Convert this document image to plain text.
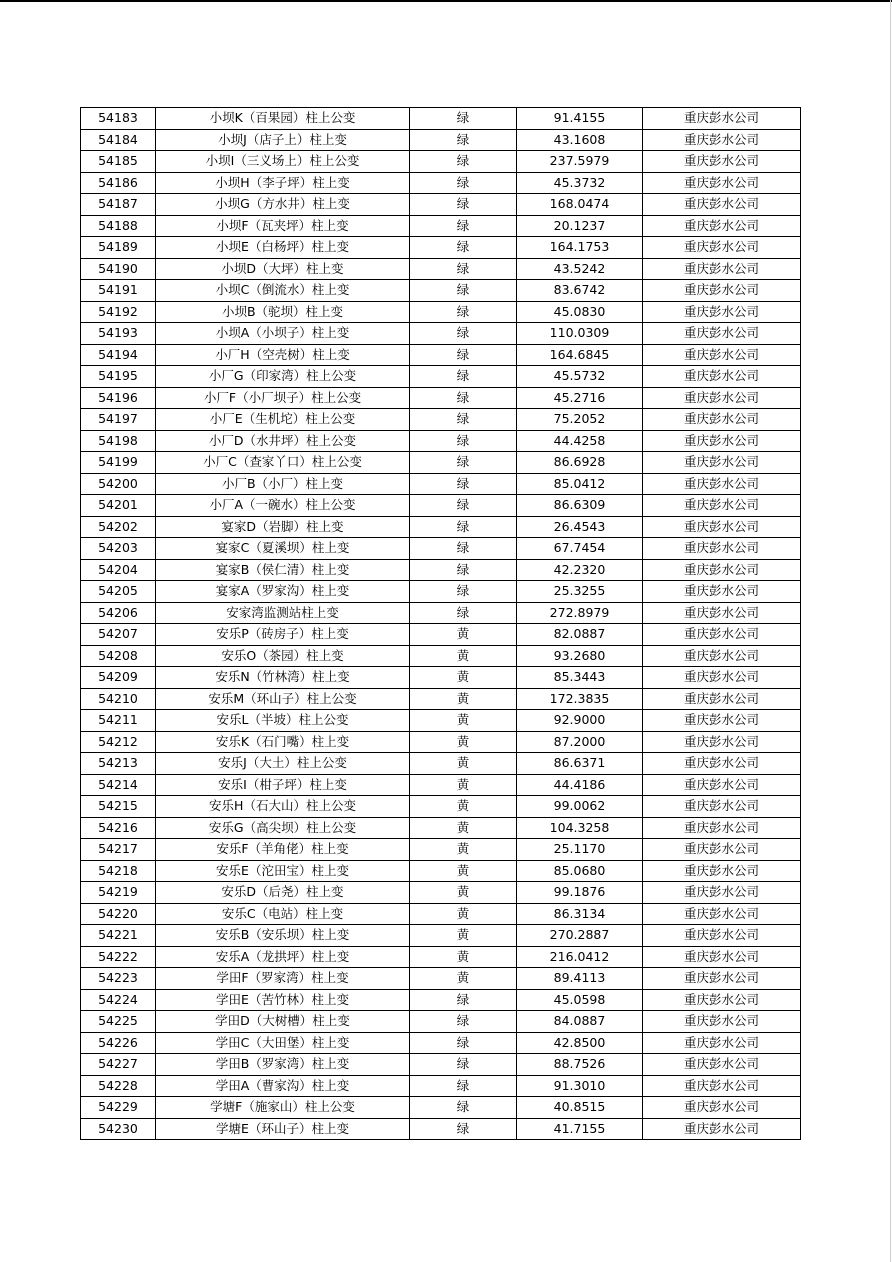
54183	小坝K（百果园）柱上公变	绿	91.4155	重庆彭水公司
54184	小坝J（店子上）柱上变	绿	43.1608	重庆彭水公司
54185	小坝I（三义场上）柱上公变	绿	237.5979	重庆彭水公司
54186	小坝H（李子坪）柱上变	绿	45.3732	重庆彭水公司
54187	小坝G（方水井）柱上变	绿	168.0474	重庆彭水公司
54188	小坝F（瓦夹坪）柱上变	绿	20.1237	重庆彭水公司
54189	小坝E（白杨坪）柱上变	绿	164.1753	重庆彭水公司
54190	小坝D（大坪）柱上变	绿	43.5242	重庆彭水公司
54191	小坝C（倒流水）柱上变	绿	83.6742	重庆彭水公司
54192	小坝B（驼坝）柱上变	绿	45.0830	重庆彭水公司
54193	小坝A（小坝子）柱上变	绿	110.0309	重庆彭水公司
54194	小厂H（空壳树）柱上变	绿	164.6845	重庆彭水公司
54195	小厂G（印家湾）柱上公变	绿	45.5732	重庆彭水公司
54196	小厂F（小厂坝子）柱上公变	绿	45.2716	重庆彭水公司
54197	小厂E（生机坨）柱上公变	绿	75.2052	重庆彭水公司
54198	小厂D（水井坪）柱上公变	绿	44.4258	重庆彭水公司
54199	小厂C（查家丫口）柱上公变	绿	86.6928	重庆彭水公司
54200	小厂B（小厂）柱上变	绿	85.0412	重庆彭水公司
54201	小厂A（一碗水）柱上公变	绿	86.6309	重庆彭水公司
54202	宴家D（岩脚）柱上变	绿	26.4543	重庆彭水公司
54203	宴家C（夏溪坝）柱上变	绿	67.7454	重庆彭水公司
54204	宴家B（侯仁清）柱上变	绿	42.2320	重庆彭水公司
54205	宴家A（罗家沟）柱上变	绿	25.3255	重庆彭水公司
54206	安家湾监测站柱上变	绿	272.8979	重庆彭水公司
54207	安乐P（砖房子）柱上变	黄	82.0887	重庆彭水公司
54208	安乐O（茶园）柱上变	黄	93.2680	重庆彭水公司
54209	安乐N（竹林湾）柱上变	黄	85.3443	重庆彭水公司
54210	安乐M（环山子）柱上公变	黄	172.3835	重庆彭水公司
54211	安乐L（半坡）柱上公变	黄	92.9000	重庆彭水公司
54212	安乐K（石门嘴）柱上变	黄	87.2000	重庆彭水公司
54213	安乐J（大土）柱上公变	黄	86.6371	重庆彭水公司
54214	安乐I（柑子坪）柱上变	黄	44.4186	重庆彭水公司
54215	安乐H（石大山）柱上公变	黄	99.0062	重庆彭水公司
54216	安乐G（高尖坝）柱上公变	黄	104.3258	重庆彭水公司
54217	安乐F（羊角佬）柱上变	黄	25.1170	重庆彭水公司
54218	安乐E（沱田宝）柱上变	黄	85.0680	重庆彭水公司
54219	安乐D（后尧）柱上变	黄	99.1876	重庆彭水公司
54220	安乐C（电站）柱上变	黄	86.3134	重庆彭水公司
54221	安乐B（安乐坝）柱上变	黄	270.2887	重庆彭水公司
54222	安乐A（龙拱坪）柱上变	黄	216.0412	重庆彭水公司
54223	学田F（罗家湾）柱上变	黄	89.4113	重庆彭水公司
54224	学田E（苦竹林）柱上变	绿	45.0598	重庆彭水公司
54225	学田D（大树槽）柱上变	绿	84.0887	重庆彭水公司
54226	学田C（大田堡）柱上变	绿	42.8500	重庆彭水公司
54227	学田B（罗家湾）柱上变	绿	88.7526	重庆彭水公司
54228	学田A（曹家沟）柱上变	绿	91.3010	重庆彭水公司
54229	学塘F（施家山）柱上公变	绿	40.8515	重庆彭水公司
54230	学塘E（环山子）柱上变	绿	41.7155	重庆彭水公司
